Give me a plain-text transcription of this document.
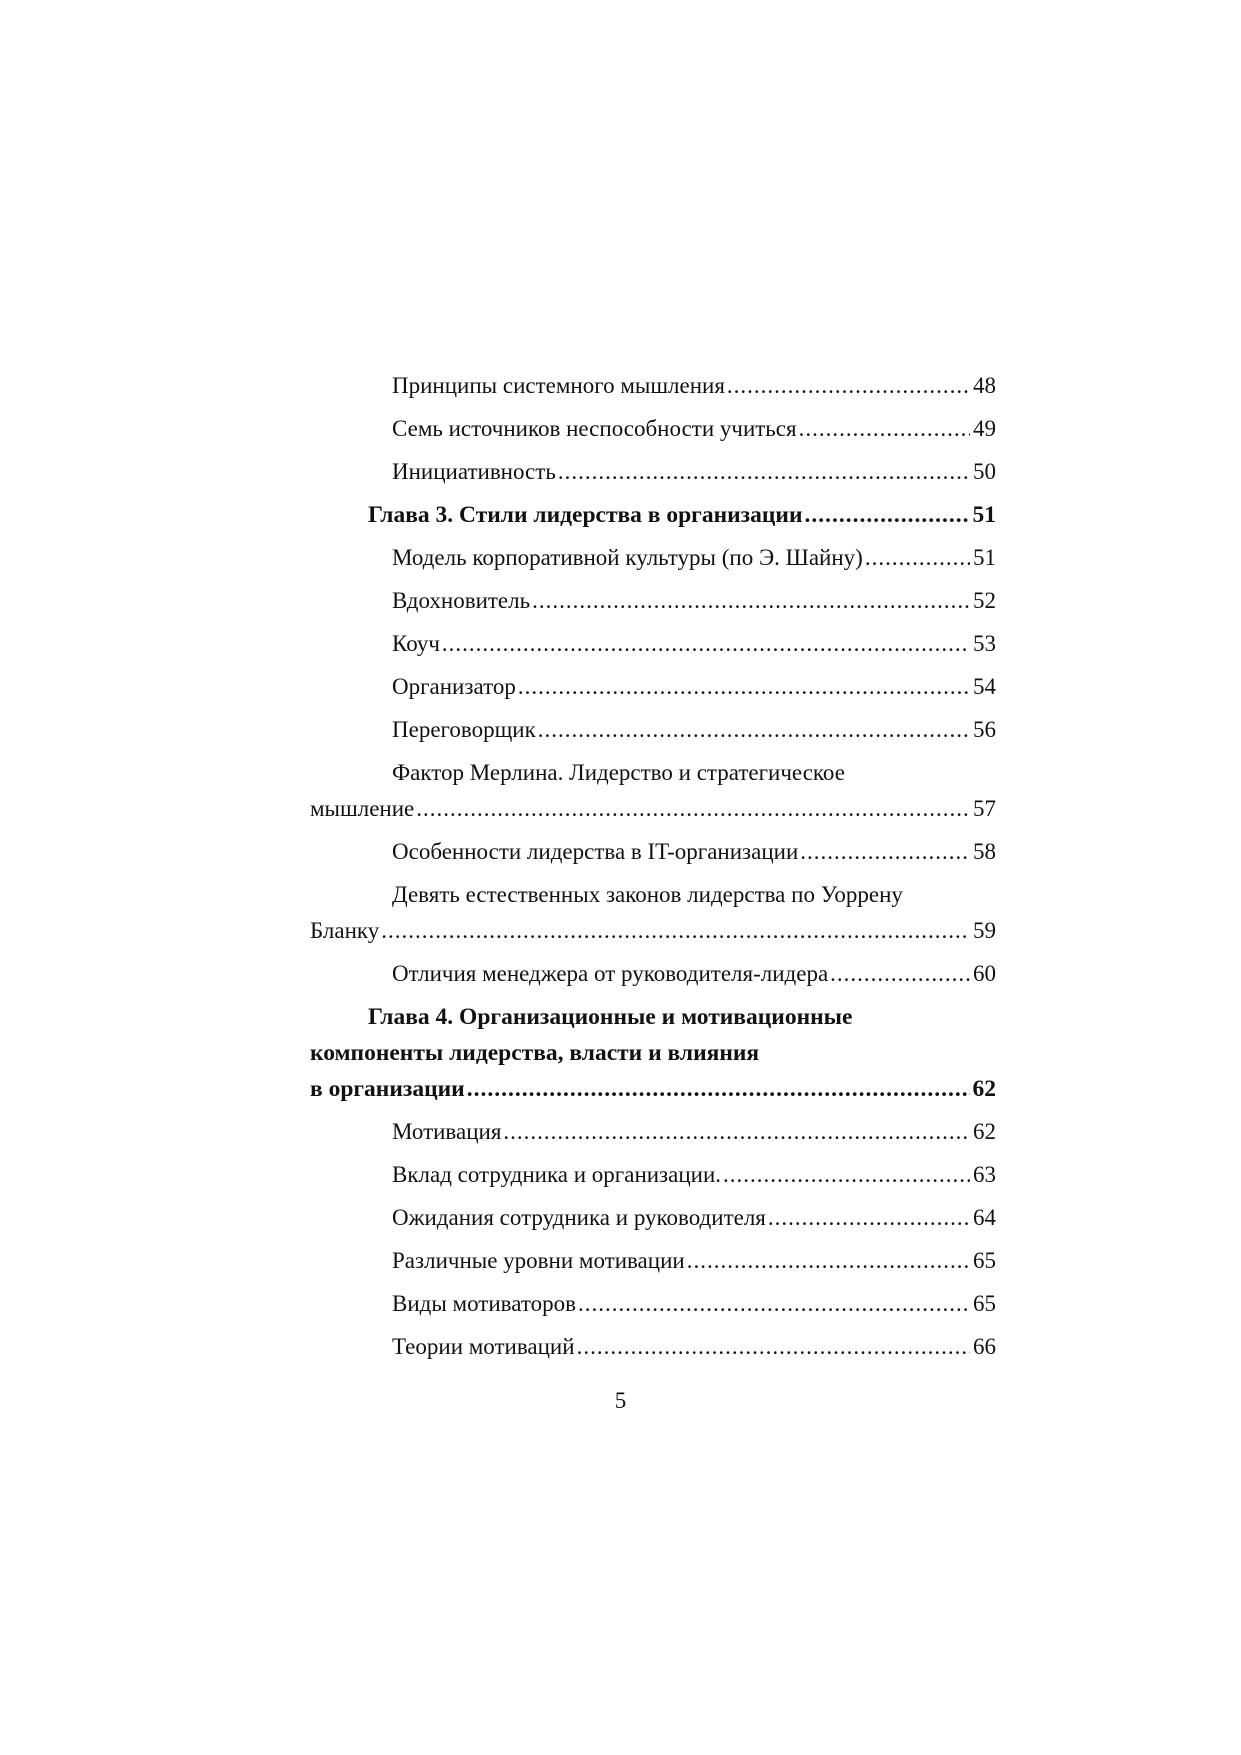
Принципы системного мышления .....	48
Семь источников неспособности учиться .....	49
Инициативность .....	50
Глава 3. Стили лидерства в организации .....	51
Модель корпоративной культуры (по Э. Шайну) .....	51
Вдохновитель .....	52
Коуч .....	53
Организатор .....	54
Переговорщик .....	56
Фактор Мерлина. Лидерство и стратегическое
мышление .....	57
Особенности лидерства в IT-организации .....	58
Девять естественных законов лидерства по Уоррену
Бланку .....	59
Отличия менеджера от руководителя-лидера .....	60
Глава 4. Организационные и мотивационные
компоненты лидерства, власти и влияния
в организации .....	62
Мотивация .....	62
Вклад сотрудника и организации. .....	63
Ожидания сотрудника и руководителя .....	64
Различные уровни мотивации .....	65
Виды мотиваторов .....	65
Теории мотиваций .....	66
5
